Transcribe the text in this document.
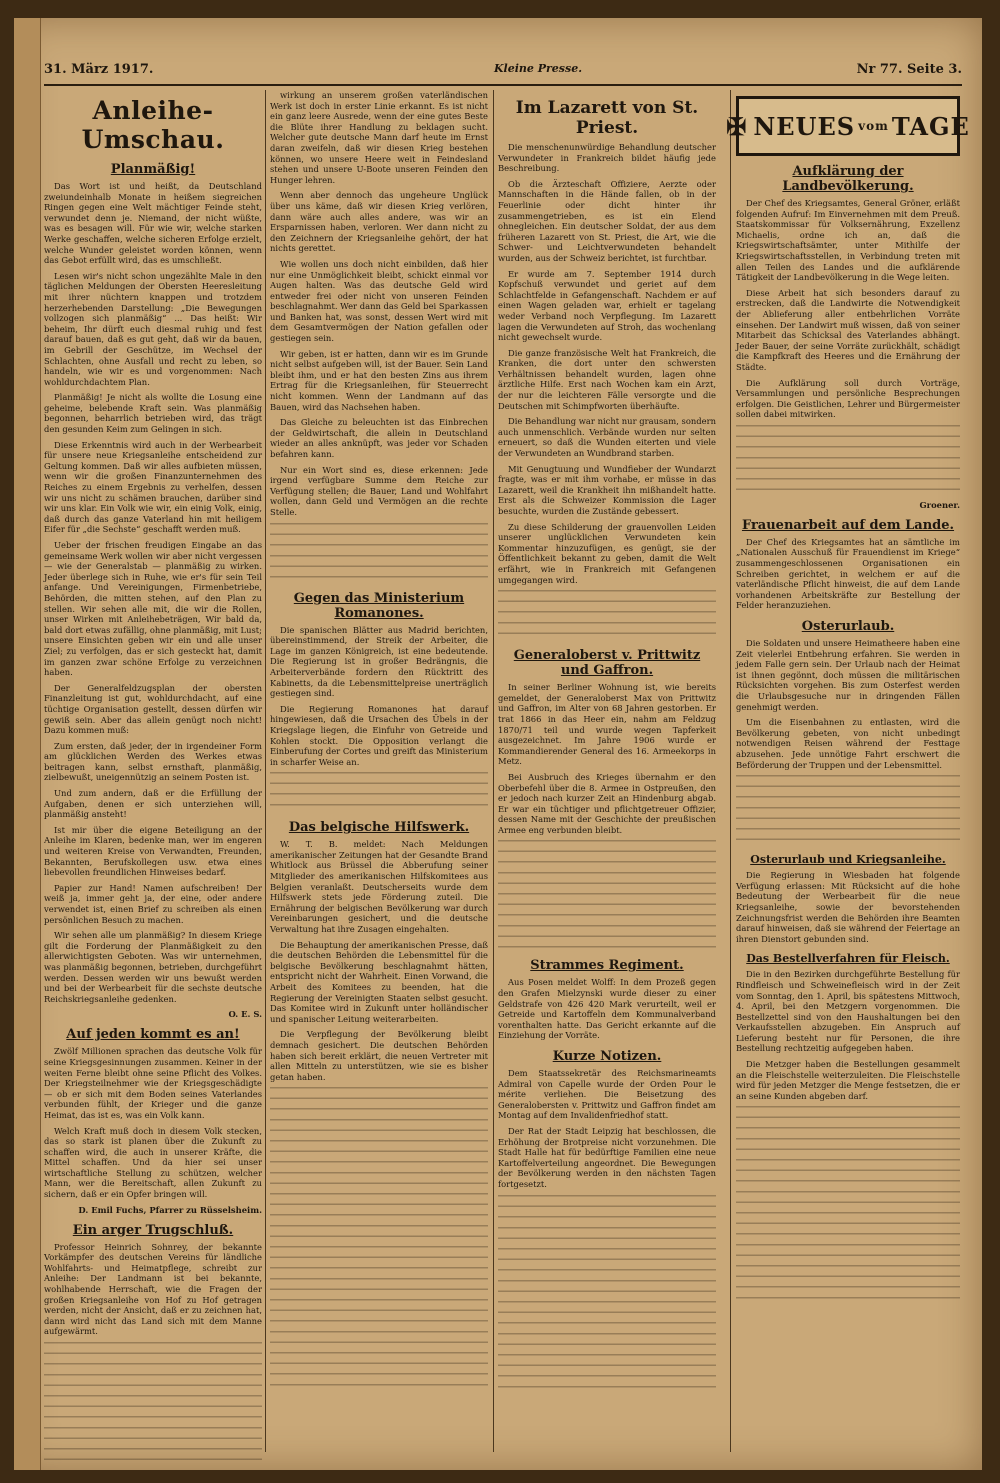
31. März 1917.	Kleine Presse.	Nr 77. Seite 3.
Anleihe-Umschau.
Planmäßig!

Das Wort ist und heißt, da Deutschland zweiundeinhalb Monate in heißem siegreichen Ringen gegen eine Welt mächtiger Feinde steht, verwundet denn je. Niemand, der nicht wüßte, was es besagen will. Für wie wir, welche starken Werke geschaffen, welche sicheren Erfolge erzielt, welche Wunder geleistet worden können, wenn das Gebot erfüllt wird, das es umschließt.

Lesen wir's nicht schon ungezählte Male in den täglichen Meldungen der Obersten Heeresleitung mit ihrer nüchtern knappen und trotzdem herzerhebenden Darstellung: „Die Bewegungen vollzogen sich planmäßig“ ... Das heißt: Wir beheim, Ihr dürft euch diesmal ruhig und fest darauf bauen, daß es gut geht, daß wir da bauen, im Gebrill der Geschütze, im Wechsel der Schlachten, ohne Ausfall und recht zu leben, so handeln, wie wir es und vorgenommen: Nach wohldurchdachtem Plan.

Planmäßig! Je nicht als wollte die Losung eine geheime, belebende Kraft sein. Was planmäßig begonnen, beharrlich betrieben wird, das trägt den gesunden Keim zum Gelingen in sich.

Diese Erkenntnis wird auch in der Werbearbeit für unsere neue Kriegsanleihe entscheidend zur Geltung kommen. Daß wir alles aufbieten müssen, wenn wir die großen Finanzunternehmen des Reiches zu einem Ergebnis zu verhelfen, dessen wir uns nicht zu schämen brauchen, darüber sind wir uns klar. Ein Volk wie wir, ein einig Volk, einig, daß durch das ganze Vaterland hin mit heiligem Eifer für „die Sechste“ geschafft werden muß.

Ueber der frischen freudigen Eingabe an das gemeinsame Werk wollen wir aber nicht vergessen — wie der Generalstab — planmäßig zu wirken. Jeder überlege sich in Ruhe, wie er's für sein Teil anfange. Und Vereinigungen, Firmenbetriebe, Behörden, die mitten stehen, auf den Plan zu stellen. Wir sehen alle mit, die wir die Rollen, unser Wirken mit Anleihebeträgen, Wir bald da, bald dort etwas zufällig, ohne planmäßig, mit Lust; unsere Einsichten geben wir ein und alle unser Ziel; zu verfolgen, das er sich gesteckt hat, damit im ganzen zwar schöne Erfolge zu verzeichnen haben.

Der Generalfeldzugsplan der obersten Finanzleitung ist gut, wohldurchdacht, auf eine tüchtige Organisation gestellt, dessen dürfen wir gewiß sein. Aber das allein genügt noch nicht! Dazu kommen muß:

Zum ersten, daß jeder, der in irgendeiner Form am glücklichen Werden des Werkes etwas beitragen kann, selbst ernsthaft, planmäßig, zielbewußt, uneigennützig an seinem Posten ist.

Und zum andern, daß er die Erfüllung der Aufgaben, denen er sich unterziehen will, planmäßig ansteht!

Ist mir über die eigene Beteiligung an der Anleihe im Klaren, bedenke man, wer im engeren und weiteren Kreise von Verwandten, Freunden, Bekannten, Berufskollegen usw. etwa eines liebevollen freundlichen Hinweises bedarf.

Papier zur Hand! Namen aufschreiben! Der weiß ja, immer geht ja, der eine, oder andere verwendet ist, einen Brief zu schreiben als einen persönlichen Besuch zu machen.

Wir sehen alle um planmäßig? In diesem Kriege gilt die Forderung der Planmäßigkeit zu den allerwichtigsten Geboten. Was wir unternehmen, was planmäßig begonnen, betrieben, durchgeführt werden. Dessen werden wir uns bewußt werden und bei der Werbearbeit für die sechste deutsche Reichskriegsanleihe gedenken.

O. E. S.
Auf jeden kommt es an!

Zwölf Millionen sprachen das deutsche Volk für seine Kriegsgesinnungen zusammen. Keiner in der weiten Ferne bleibt ohne seine Pflicht des Volkes. Der Kriegsteilnehmer wie der Kriegsgeschädigte — ob er sich mit dem Boden seines Vaterlandes verbunden fühlt, der Krieger und die ganze Heimat, das ist es, was ein Volk kann.

Welch Kraft muß doch in diesem Volk stecken, das so stark ist planen über die Zukunft zu schaffen wird, die auch in unserer Kräfte, die Mittel schaffen. Und da hier sei unser wirtschaftliche Stellung zu schützen, welcher Mann, wer die Bereitschaft, allen Zukunft zu sichern, daß er ein Opfer bringen will.

D. Emil Fuchs, Pfarrer zu Rüsselsheim.
Ein arger Trugschluß.

Professor Heinrich Sohnrey, der bekannte Vorkämpfer des deutschen Vereins für ländliche Wohlfahrts- und Heimatpflege, schreibt zur Anleihe: Der Landmann ist bei bekannte, wohlhabende Herrschaft, wie die Fragen der großen Kriegsanleihe von Hof zu Hof getragen werden, nicht der Ansicht, daß er zu zeichnen hat, dann wird nicht das Land sich mit dem Manne aufgewärmt.

wirkung an unserem großen vaterländischen Werk ist doch in erster Linie erkannt. Es ist nicht ein ganz leere Ausrede, wenn der eine gutes Beste die Blüte ihrer Handlung zu beklagen sucht. Welcher gute deutsche Mann darf heute im Ernst daran zweifeln, daß wir diesen Krieg bestehen können, wo unsere Heere weit in Feindesland stehen und unsere U-Boote unseren Feinden den Hunger lehren.

Wenn aber dennoch das ungeheure Unglück über uns käme, daß wir diesen Krieg verlören, dann wäre auch alles andere, was wir an Ersparnissen haben, verloren. Wer dann nicht zu den Zeichnern der Kriegsanleihe gehört, der hat nichts gerettet.

Wie wollen uns doch nicht einbilden, daß hier nur eine Unmöglichkeit bleibt, schickt einmal vor Augen halten. Was das deutsche Geld wird entweder frei oder nicht von unseren Feinden beschlagnahmt. Wer dann das Geld bei Sparkassen und Banken hat, was sonst, dessen Wert wird mit dem Gesamtvermögen der Nation gefallen oder gestiegen sein.

Wir geben, ist er hatten, dann wir es im Grunde nicht selbst aufgeben will, ist der Bauer. Sein Land bleibt ihm, und er hat den besten Zins aus ihrem Ertrag für die Kriegsanleihen, für Steuerrecht nicht kommen. Wenn der Landmann auf das Bauen, wird das Nachsehen haben.

Das Gleiche zu beleuchten ist das Einbrechen der Geldwirtschaft, die allein in Deutschland wieder an alles anknüpft, was jeder vor Schaden befahren kann.

Nur ein Wort sind es, diese erkennen: Jede irgend verfügbare Summe dem Reiche zur Verfügung stellen; die Bauer, Land und Wohlfahrt wollen, dann Geld und Vermögen an die rechte Stelle.

Gegen das Ministerium Romanones.

Die spanischen Blätter aus Madrid berichten, übereinstimmend, der Streik der Arbeiter, die Lage im ganzen Königreich, ist eine bedeutende. Die Regierung ist in großer Bedrängnis, die Arbeiterverbände fordern den Rücktritt des Kabinetts, da die Lebensmittelpreise unerträglich gestiegen sind.

Die Regierung Romanones hat darauf hingewiesen, daß die Ursachen des Übels in der Kriegslage liegen, die Einfuhr von Getreide und Kohlen stockt. Die Opposition verlangt die Einberufung der Cortes und greift das Ministerium in scharfer Weise an.

Das belgische Hilfswerk.

W. T. B. meldet: Nach Meldungen amerikanischer Zeitungen hat der Gesandte Brand Whitlock aus Brüssel die Abberufung seiner Mitglieder des amerikanischen Hilfskomitees aus Belgien veranlaßt. Deutscherseits wurde dem Hilfswerk stets jede Förderung zuteil. Die Ernährung der belgischen Bevölkerung war durch Vereinbarungen gesichert, und die deutsche Verwaltung hat ihre Zusagen eingehalten.

Die Behauptung der amerikanischen Presse, daß die deutschen Behörden die Lebensmittel für die belgische Bevölkerung beschlagnahmt hätten, entspricht nicht der Wahrheit. Einen Vorwand, die Arbeit des Komitees zu beenden, hat die Regierung der Vereinigten Staaten selbst gesucht. Das Komitee wird in Zukunft unter holländischer und spanischer Leitung weiterarbeiten.

Die Verpflegung der Bevölkerung bleibt demnach gesichert. Die deutschen Behörden haben sich bereit erklärt, die neuen Vertreter mit allen Mitteln zu unterstützen, wie sie es bisher getan haben.

Im Lazarett von St. Priest.

Die menschenunwürdige Behandlung deutscher Verwundeter in Frankreich bildet häufig jede Beschreibung.

Ob die Ärzteschaft Offiziere, Aerzte oder Mannschaften in die Hände fallen, ob in der Feuerlinie oder dicht hinter ihr zusammengetrieben, es ist ein Elend ohnegleichen. Ein deutscher Soldat, der aus dem früheren Lazarett von St. Priest, die Art, wie die Schwer- und Leichtverwundeten behandelt wurden, aus der Schweiz berichtet, ist furchtbar.

Er wurde am 7. September 1914 durch Kopfschuß verwundet und geriet auf dem Schlachtfelde in Gefangenschaft. Nachdem er auf einen Wagen geladen war, erhielt er tagelang weder Verband noch Verpflegung. Im Lazarett lagen die Verwundeten auf Stroh, das wochenlang nicht gewechselt wurde.

Die ganze französische Welt hat Frankreich, die Kranken, die dort unter den schwersten Verhältnissen behandelt wurden, lagen ohne ärztliche Hilfe. Erst nach Wochen kam ein Arzt, der nur die leichteren Fälle versorgte und die Deutschen mit Schimpfworten überhäufte.

Die Behandlung war nicht nur grausam, sondern auch unmenschlich. Verbände wurden nur selten erneuert, so daß die Wunden eiterten und viele der Verwundeten an Wundbrand starben.

Mit Genugtuung und Wundfieber der Wundarzt fragte, was er mit ihm vorhabe, er müsse in das Lazarett, weil die Krankheit ihn mißhandelt hatte. Erst als die Schweizer Kommission die Lager besuchte, wurden die Zustände gebessert.

Zu diese Schilderung der grauenvollen Leiden unserer unglücklichen Verwundeten kein Kommentar hinzuzufügen, es genügt, sie der Öffentlichkeit bekannt zu geben, damit die Welt erfährt, wie in Frankreich mit Gefangenen umgegangen wird.

Generaloberst v. Prittwitz und Gaffron.

In seiner Berliner Wohnung ist, wie bereits gemeldet, der Generaloberst Max von Prittwitz und Gaffron, im Alter von 68 Jahren gestorben. Er trat 1866 in das Heer ein, nahm am Feldzug 1870/71 teil und wurde wegen Tapferkeit ausgezeichnet. Im Jahre 1906 wurde er Kommandierender General des 16. Armeekorps in Metz.

Bei Ausbruch des Krieges übernahm er den Oberbefehl über die 8. Armee in Ostpreußen, den er jedoch nach kurzer Zeit an Hindenburg abgab. Er war ein tüchtiger und pflichtgetreuer Offizier, dessen Name mit der Geschichte der preußischen Armee eng verbunden bleibt.

Strammes Regiment.

Aus Posen meldet Wolff: In dem Prozeß gegen den Grafen Mielzynski wurde dieser zu einer Geldstrafe von 426 420 Mark verurteilt, weil er Getreide und Kartoffeln dem Kommunalverband vorenthalten hatte. Das Gericht erkannte auf die Einziehung der Vorräte.

Kurze Notizen.

Dem Staatssekretär des Reichsmarineamts Admiral von Capelle wurde der Orden Pour le mérite verliehen. Die Beisetzung des Generalobersten v. Prittwitz und Gaffron findet am Montag auf dem Invalidenfriedhof statt.

Der Rat der Stadt Leipzig hat beschlossen, die Erhöhung der Brotpreise nicht vorzunehmen. Die Stadt Halle hat für bedürftige Familien eine neue Kartoffelverteilung angeordnet. Die Bewegungen der Bevölkerung werden in den nächsten Tagen fortgesetzt.

✠ NEUES vom TAGE
Aufklärung der Landbevölkerung.

Der Chef des Kriegsamtes, General Gröner, erläßt folgenden Aufruf: Im Einvernehmen mit dem Preuß. Staatskommissar für Volksernährung, Exzellenz Michaelis, ordne ich an, daß die Kriegswirtschaftsämter, unter Mithilfe der Kriegswirtschaftsstellen, in Verbindung treten mit allen Teilen des Landes und die aufklärende Tätigkeit der Landbevölkerung in die Wege leiten.

Diese Arbeit hat sich besonders darauf zu erstrecken, daß die Landwirte die Notwendigkeit der Ablieferung aller entbehrlichen Vorräte einsehen. Der Landwirt muß wissen, daß von seiner Mitarbeit das Schicksal des Vaterlandes abhängt. Jeder Bauer, der seine Vorräte zurückhält, schädigt die Kampfkraft des Heeres und die Ernährung der Städte.

Die Aufklärung soll durch Vorträge, Versammlungen und persönliche Besprechungen erfolgen. Die Geistlichen, Lehrer und Bürgermeister sollen dabei mitwirken.

Groener.
Frauenarbeit auf dem Lande.

Der Chef des Kriegsamtes hat an sämtliche im „Nationalen Ausschuß für Frauendienst im Kriege“ zusammengeschlossenen Organisationen ein Schreiben gerichtet, in welchem er auf die vaterländische Pflicht hinweist, die auf dem Lande vorhandenen Arbeitskräfte zur Bestellung der Felder heranzuziehen.

Osterurlaub.

Die Soldaten und unsere Heimatheere haben eine Zeit vielerlei Entbehrung erfahren. Sie werden in jedem Falle gern sein. Der Urlaub nach der Heimat ist ihnen gegönnt, doch müssen die militärischen Rücksichten vorgehen. Bis zum Osterfest werden die Urlaubsgesuche nur in dringenden Fällen genehmigt werden.

Um die Eisenbahnen zu entlasten, wird die Bevölkerung gebeten, von nicht unbedingt notwendigen Reisen während der Festtage abzusehen. Jede unnötige Fahrt erschwert die Beförderung der Truppen und der Lebensmittel.

Osterurlaub und Kriegsanleihe.

Die Regierung in Wiesbaden hat folgende Verfügung erlassen: Mit Rücksicht auf die hohe Bedeutung der Werbearbeit für die neue Kriegsanleihe, sowie der bevorstehenden Zeichnungsfrist werden die Behörden ihre Beamten darauf hinweisen, daß sie während der Feiertage an ihren Dienstort gebunden sind.

Das Bestellverfahren für Fleisch.

Die in den Bezirken durchgeführte Bestellung für Rindfleisch und Schweinefleisch wird in der Zeit vom Sonntag, den 1. April, bis spätestens Mittwoch, 4. April, bei den Metzgern vorgenommen. Die Bestellzettel sind von den Haushaltungen bei den Verkaufsstellen abzugeben. Ein Anspruch auf Lieferung besteht nur für Personen, die ihre Bestellung rechtzeitig aufgegeben haben.

Die Metzger haben die Bestellungen gesammelt an die Fleischstelle weiterzuleiten. Die Fleischstelle wird für jeden Metzger die Menge festsetzen, die er an seine Kunden abgeben darf.
